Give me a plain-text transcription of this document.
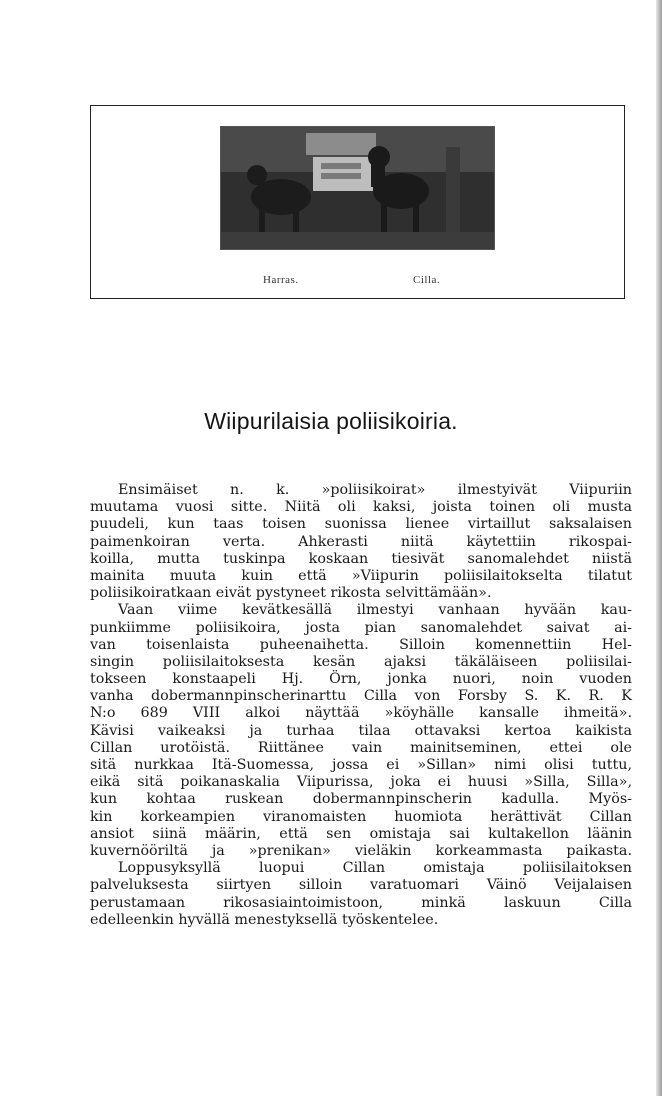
Harras.	Cilla.
Wiipurilaisia poliisikoiria.
Ensimäiset n. k. »poliisikoirat» ilmestyivät Viipuriin
muutama vuosi sitte. Niitä oli kaksi, joista toinen oli musta
puudeli, kun taas toisen suonissa lienee virtaillut saksalaisen
paimenkoiran verta. Ahkerasti niitä käytettiin rikospai-
koilla, mutta tuskinpa koskaan tiesivät sanomalehdet niistä
mainita muuta kuin että »Viipurin poliisilaitokselta tilatut
poliisikoiratkaan eivät pystyneet rikosta selvittämään».
Vaan viime kevätkesällä ilmestyi vanhaan hyvään kau-
punkiimme poliisikoira, josta pian sanomalehdet saivat ai-
van toisenlaista puheenaihetta. Silloin komennettiin Hel-
singin poliisilaitoksesta kesän ajaksi täkäläiseen poliisilai-
tokseen konstaapeli Hj. Örn, jonka nuori, noin vuoden
vanha dobermannpinscherinarttu Cilla von Forsby S. K. R. K
N:o 689 VIII alkoi näyttää »köyhälle kansalle ihmeitä».
Kävisi vaikeaksi ja turhaa tilaa ottavaksi kertoa kaikista
Cillan urotöistä. Riittänee vain mainitseminen, ettei ole
sitä nurkkaa Itä-Suomessa, jossa ei »Sillan» nimi olisi tuttu,
eikä sitä poikanaskalia Viipurissa, joka ei huusi »Silla, Silla»,
kun kohtaa ruskean dobermannpinscherin kadulla. Myös-
kin korkeampien viranomaisten huomiota herättivät Cillan
ansiot siinä määrin, että sen omistaja sai kultakellon läänin
kuvernööriltä ja »prenikan» vieläkin korkeammasta paikasta.
Loppusyksyllä luopui Cillan omistaja poliisilaitoksen
palveluksesta siirtyen silloin varatuomari Väinö Veijalaisen
perustamaan rikosasiaintoimistoon, minkä laskuun Cilla
edelleenkin hyvällä menestyksellä työskentelee.
